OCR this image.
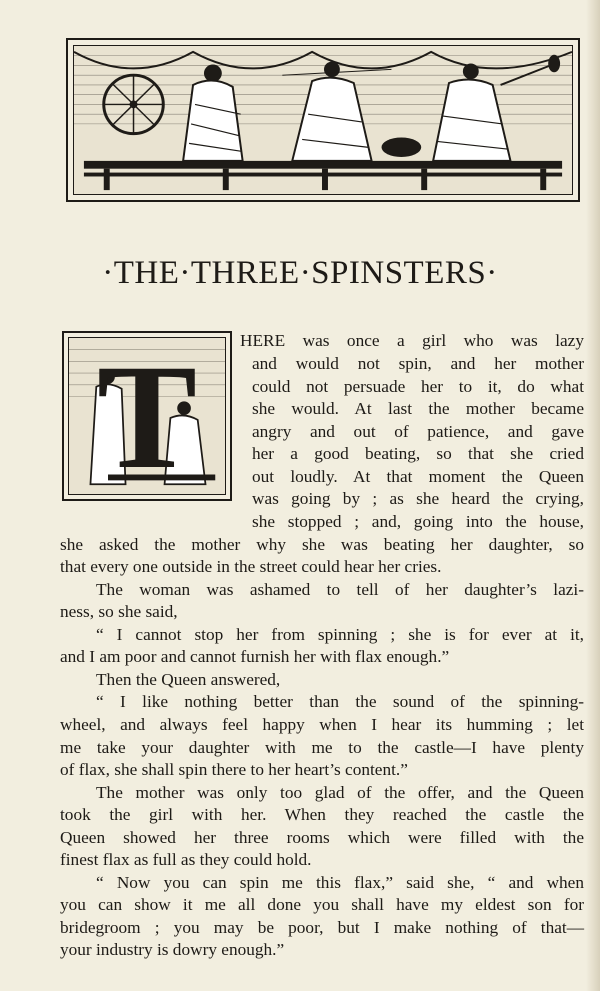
·THE·THREE·SPINSTERS·
T	HERE was once a girl who was lazy
and would not spin, and her mother
could not persuade her to it, do what
she would. At last the mother became
angry and out of patience, and gave
her a good beating, so that she cried
out loudly. At that moment the Queen
was going by ; as she heard the crying,
she stopped ; and, going into the house,
she asked the mother why she was beating her daughter, so
that every one outside in the street could hear her cries.
The woman was ashamed to tell of her daughter’s lazi-
ness, so she said,
“ I cannot stop her from spinning ; she is for ever at it,
and I am poor and cannot furnish her with flax enough.”
Then the Queen answered,
“ I like nothing better than the sound of the spinning-
wheel, and always feel happy when I hear its humming ; let
me take your daughter with me to the castle—I have plenty
of flax, she shall spin there to her heart’s content.”
The mother was only too glad of the offer, and the Queen
took the girl with her. When they reached the castle the
Queen showed her three rooms which were filled with the
finest flax as full as they could hold.
“ Now you can spin me this flax,” said she, “ and when
you can show it me all done you shall have my eldest son for
bridegroom ; you may be poor, but I make nothing of that—
your industry is dowry enough.”
